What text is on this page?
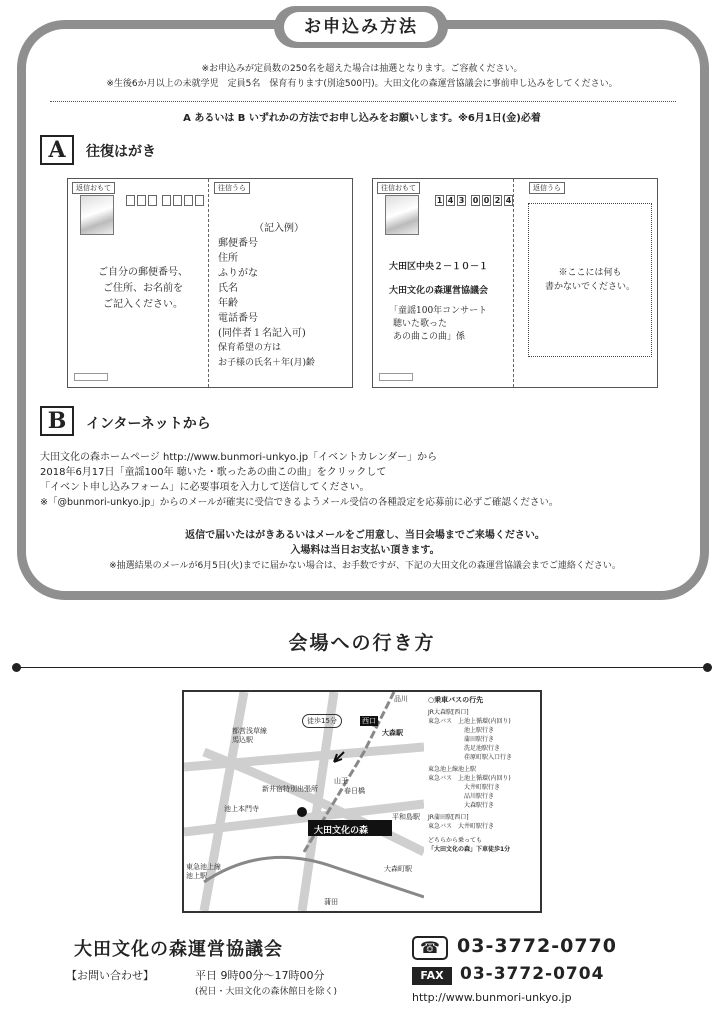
お申込み方法
※お申込みが定員数の250名を超えた場合は抽選となります。ご容赦ください。
※生後6か月以上の未就学児　定員5名　保育有ります(別途500円)。大田文化の森運営協議会に事前申し込みをしてください。
A あるいは B いずれかの方法でお申し込みをお願いします。※6月1日(金)必着
A	往復はがき
返信おもて	往信うら
ご自分の郵便番号、
ご住所、お名前を
ご記入ください。
（記入例）
郵便番号
住所
ふりがな
氏名
年齢
電話番号
(同伴者１名記入可)
保育希望の方は
お子様の氏名＋年(月)齢
往信おもて	返信うら
1 4 3 0 0 2 4
大田区中央２－１０－１
大田文化の森運営協議会
「童謡100年コンサート
聴いた歌った
あの曲この曲」係
※ここには何も
書かないでください。
B	インターネットから
大田文化の森ホームページ http://www.bunmori-unkyo.jp「イベントカレンダー」から
2018年6月17日「童謡100年 聴いた・歌ったあの曲この曲」をクリックして
「イベント申し込みフォーム」に必要事項を入力して送信してください。
※「@bunmori-unkyo.jp」からのメールが確実に受信できるようメール受信の各種設定を応募前に必ずご確認ください。
返信で届いたはがきあるいはメールをご用意し、当日会場までご来場ください。
入場料は当日お支払い頂きます。
※抽選結果のメールが6月5日(火)までに届かない場合は、お手数ですが、下記の大田文化の森運営協議会までご連絡ください。
会場への行き方
大田文化の森
徒歩15分	西口
大森駅
品川
都営浅草線
馬込駅
池上本門寺
東急池上線
池上駅
蒲田
平和島駅
大森町駅
新井宿特別出張所	春日橋
山王
○乗車バスの行先
JR大森駅[西口]
東急バス　上池上循環(内回り)
池上駅行き
蒲田駅行き
洗足池駅行き
荏原町駅入口行き
東急池上線池上駅
東急バス　上池上循環(内回り)
大井町駅行き
品川駅行き
大森駅行き
JR蒲田駅[西口]
東急バス　大井町駅行き
どちらから乗っても
「大田文化の森」下車徒歩1分
大田文化の森運営協議会
【お問い合わせ】	平日 9時00分～17時00分
(祝日・大田文化の森休館日を除く)
☎ 03-3772-0770
FAX 03-3772-0704
http://www.bunmori-unkyo.jp
